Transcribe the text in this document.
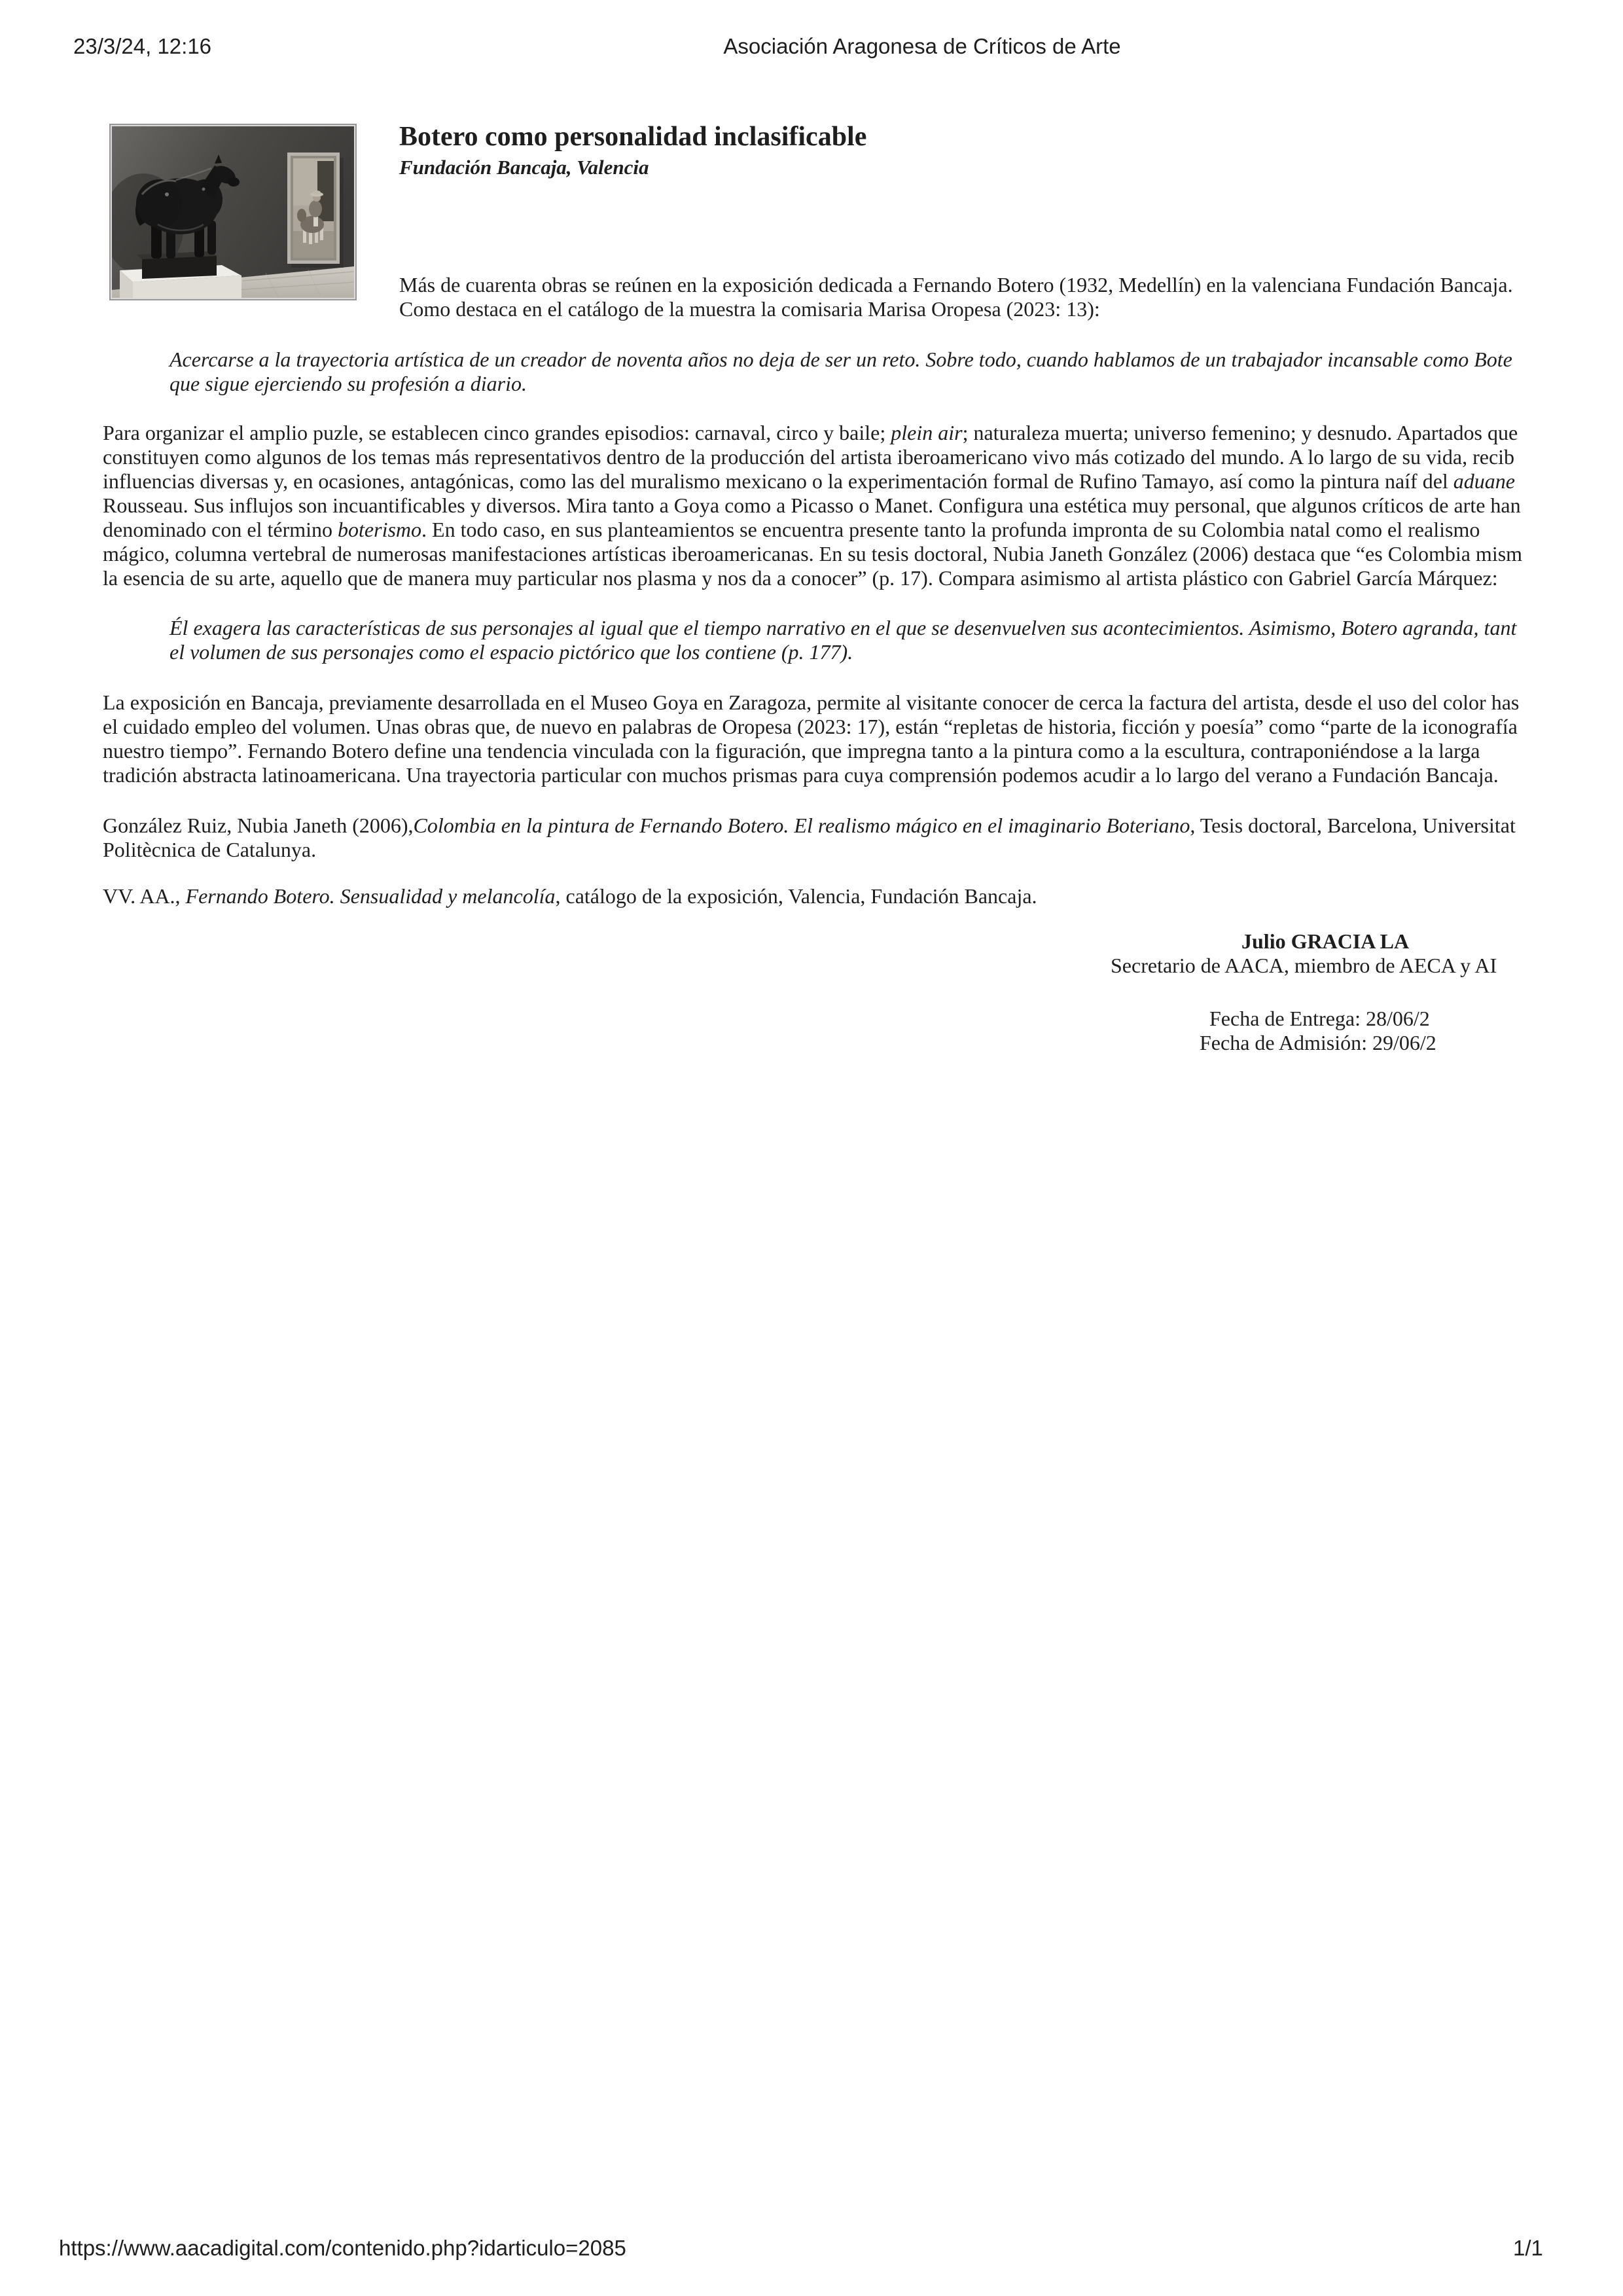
23/3/24, 12:16	Asociación Aragonesa de Críticos de Arte
Botero como personalidad inclasificable
Fundación Bancaja, Valencia
Más de cuarenta obras se reúnen en la exposición dedicada a Fernando Botero (1932, Medellín) en la valenciana Fundación Bancaja.
Como destaca en el catálogo de la muestra la comisaria Marisa Oropesa (2023: 13):
Acercarse a la trayectoria artística de un creador de noventa años no deja de ser un reto. Sobre todo, cuando hablamos de un trabajador incansable como Bote
que sigue ejerciendo su profesión a diario.
Para organizar el amplio puzle, se establecen cinco grandes episodios: carnaval, circo y baile; plein air; naturaleza muerta; universo femenino; y desnudo. Apartados que
constituyen como algunos de los temas más representativos dentro de la producción del artista iberoamericano vivo más cotizado del mundo. A lo largo de su vida, recib
influencias diversas y, en ocasiones, antagónicas, como las del muralismo mexicano o la experimentación formal de Rufino Tamayo, así como la pintura naíf del aduane
Rousseau. Sus influjos son incuantificables y diversos. Mira tanto a Goya como a Picasso o Manet. Configura una estética muy personal, que algunos críticos de arte han
denominado con el término boterismo. En todo caso, en sus planteamientos se encuentra presente tanto la profunda impronta de su Colombia natal como el realismo
mágico, columna vertebral de numerosas manifestaciones artísticas iberoamericanas. En su tesis doctoral, Nubia Janeth González (2006) destaca que “es Colombia mism
la esencia de su arte, aquello que de manera muy particular nos plasma y nos da a conocer” (p. 17). Compara asimismo al artista plástico con Gabriel García Márquez:
Él exagera las características de sus personajes al igual que el tiempo narrativo en el que se desenvuelven sus acontecimientos. Asimismo, Botero agranda, tant
el volumen de sus personajes como el espacio pictórico que los contiene (p. 177).
La exposición en Bancaja, previamente desarrollada en el Museo Goya en Zaragoza, permite al visitante conocer de cerca la factura del artista, desde el uso del color has
el cuidado empleo del volumen. Unas obras que, de nuevo en palabras de Oropesa (2023: 17), están “repletas de historia, ficción y poesía” como “parte de la iconografía
nuestro tiempo”. Fernando Botero define una tendencia vinculada con la figuración, que impregna tanto a la pintura como a la escultura, contraponiéndose a la larga
tradición abstracta latinoamericana. Una trayectoria particular con muchos prismas para cuya comprensión podemos acudir a lo largo del verano a Fundación Bancaja.
González Ruiz, Nubia Janeth (2006),Colombia en la pintura de Fernando Botero. El realismo mágico en el imaginario Boteriano, Tesis doctoral, Barcelona, Universitat
Politècnica de Catalunya.
VV. AA., Fernando Botero. Sensualidad y melancolía, catálogo de la exposición, Valencia, Fundación Bancaja.
Julio GRACIA LA
Secretario de AACA, miembro de AECA y AI
Fecha de Entrega: 28/06/2
Fecha de Admisión: 29/06/2
https://www.aacadigital.com/contenido.php?idarticulo=2085	1/1
